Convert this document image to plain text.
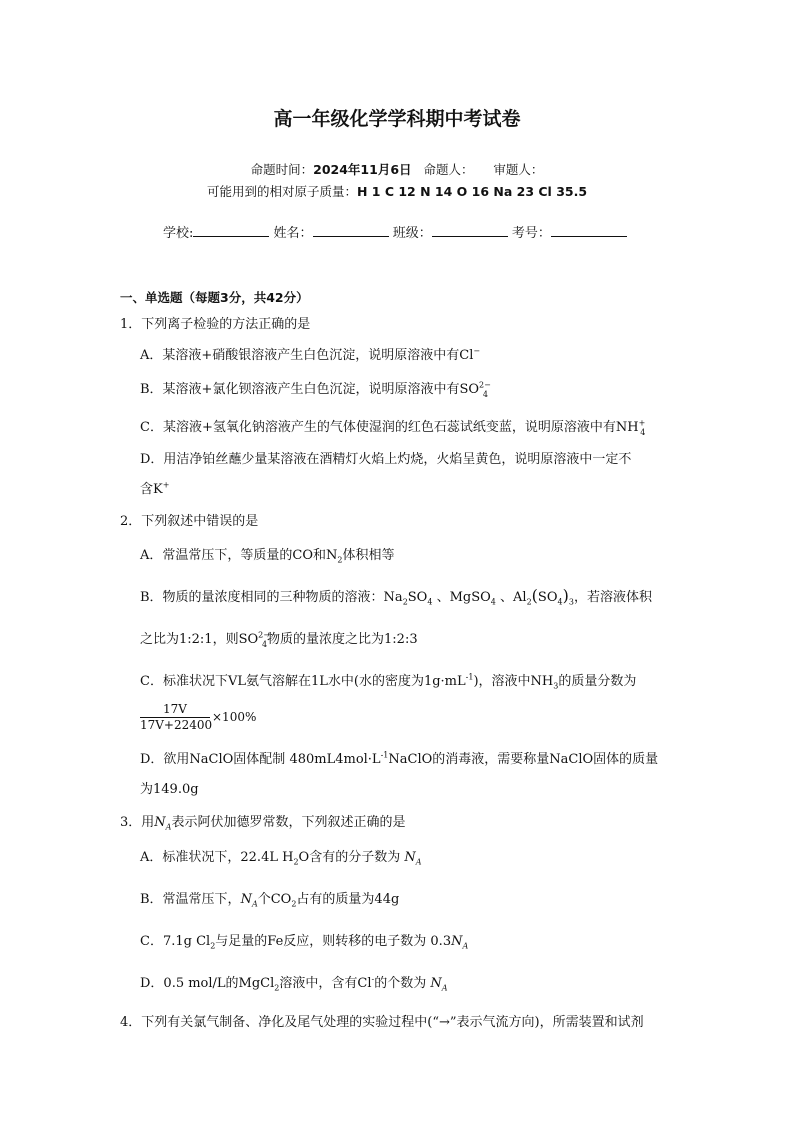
高一年级化学学科期中考试卷
命题时间：2024年11月6日 命题人： 审题人：
可能用到的相对原子质量：H 1 C 12 N 14 O 16 Na 23 Cl 35.5
学校:	姓名：	班级：	考号：
一、单选题（每题3分，共42分）
1．下列离子检验的方法正确的是
A．某溶液+硝酸银溶液产生白色沉淀，说明原溶液中有Cl−
B．某溶液+氯化钡溶液产生白色沉淀，说明原溶液中有$SO^{2-}_4$
C．某溶液+氢氧化钠溶液产生的气体使湿润的红色石蕊试纸变蓝，说明原溶液中有$NH^+_4$
D．用洁净铂丝蘸少量某溶液在酒精灯火焰上灼烧，火焰呈黄色，说明原溶液中一定不
含K+
2．下列叙述中错误的是
A．常温常压下，等质量的CO和$N_2$体积相等
B．物质的量浓度相同的三种物质的溶液：$Na_2SO_4$ 、MgSO$_4$ 、$Al_2(SO_4)_3$，若溶液体积
之比为1:2:1，则$SO^{2-}_4$物质的量浓度之比为1:2:3
C．标准状况下VL氨气溶解在1L水中(水的密度为$1g\cdot mL^{-1}$)，溶液中$NH_3$的质量分数为
17V
17V+22400
×100%
D．欲用NaClO固体配制 $480mL4mol\cdot L^{-1}NaClO$的消毒液，需要称量NaClO固体的质量
为149.0g
3．用$N_A$表示阿伏加德罗常数，下列叙述正确的是
A．标准状况下，22.4L $H_2O$含有的分子数为 $N_A$
B．常温常压下，$N_A$个$CO_2$占有的质量为44g
C．7.1g $Cl_2$与足量的Fe反应，则转移的电子数为 $0.3N_A$
D．0.5 mol/L的MgCl$_2$溶液中，含有Cl-的个数为 $N_A$
4．下列有关氯气制备、净化及尾气处理的实验过程中(“→”表示气流方向)，所需装置和试剂
